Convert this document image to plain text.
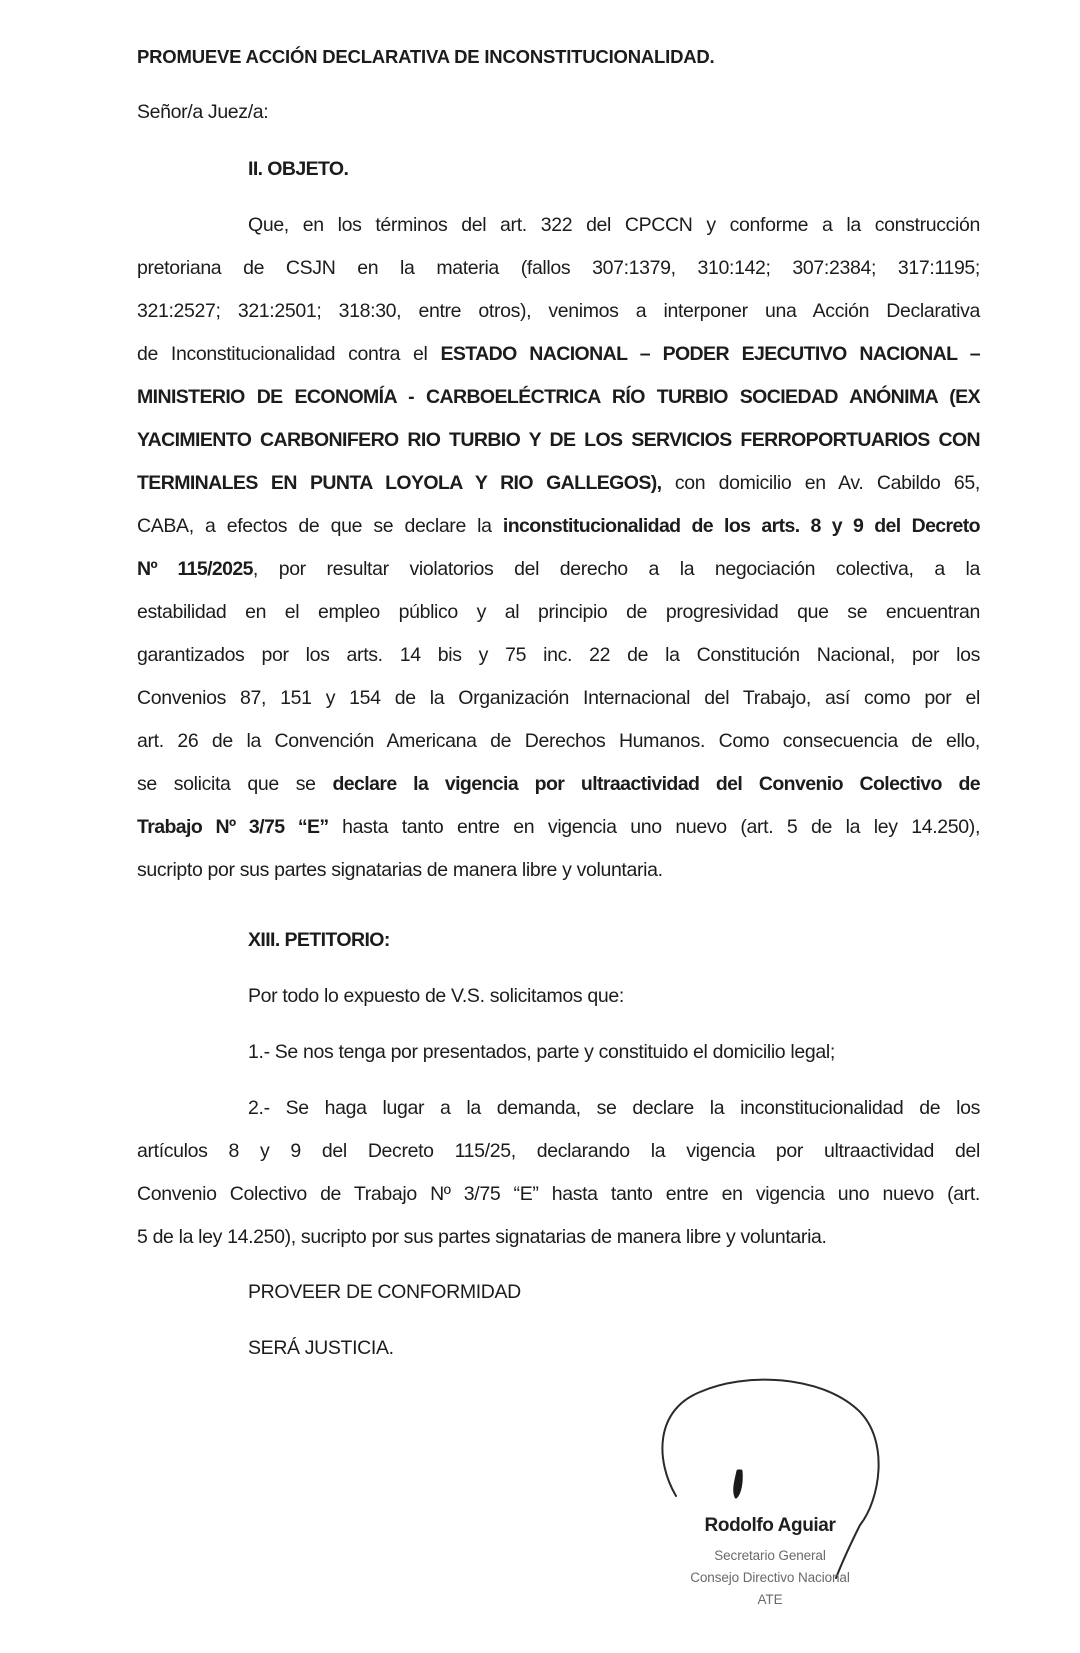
PROMUEVE ACCIÓN DECLARATIVA DE INCONSTITUCIONALIDAD.
Señor/a Juez/a:
II. OBJETO.
Que, en los términos del art. 322 del CPCCN y conforme a la construcción
pretoriana de CSJN en la materia (fallos 307:1379, 310:142; 307:2384; 317:1195;
321:2527; 321:2501; 318:30, entre otros), venimos a interponer una Acción Declarativa
de Inconstitucionalidad contra el ESTADO NACIONAL – PODER EJECUTIVO NACIONAL –
MINISTERIO DE ECONOMÍA - CARBOELÉCTRICA RÍO TURBIO SOCIEDAD ANÓNIMA (EX
YACIMIENTO CARBONIFERO RIO TURBIO Y DE LOS SERVICIOS FERROPORTUARIOS CON
TERMINALES EN PUNTA LOYOLA Y RIO GALLEGOS), con domicilio en Av. Cabildo 65,
CABA, a efectos de que se declare la inconstitucionalidad de los arts. 8 y 9 del Decreto
Nº 115/2025, por resultar violatorios del derecho a la negociación colectiva, a la
estabilidad en el empleo público y al principio de progresividad que se encuentran
garantizados por los arts. 14 bis y 75 inc. 22 de la Constitución Nacional, por los
Convenios 87, 151 y 154 de la Organización Internacional del Trabajo, así como por el
art. 26 de la Convención Americana de Derechos Humanos. Como consecuencia de ello,
se solicita que se declare la vigencia por ultraactividad del Convenio Colectivo de
Trabajo Nº 3/75 “E” hasta tanto entre en vigencia uno nuevo (art. 5 de la ley 14.250),
sucripto por sus partes signatarias de manera libre y voluntaria.
XIII. PETITORIO:
Por todo lo expuesto de V.S. solicitamos que:
1.- Se nos tenga por presentados, parte y constituido el domicilio legal;
2.- Se haga lugar a la demanda, se declare la inconstitucionalidad de los
artículos 8 y 9 del Decreto 115/25, declarando la vigencia por ultraactividad del
Convenio Colectivo de Trabajo Nº 3/75 “E” hasta tanto entre en vigencia uno nuevo (art.
5 de la ley 14.250), sucripto por sus partes signatarias de manera libre y voluntaria.
PROVEER DE CONFORMIDAD
SERÁ JUSTICIA.
Rodolfo Aguiar
Secretario General
Consejo Directivo Nacional
ATE
